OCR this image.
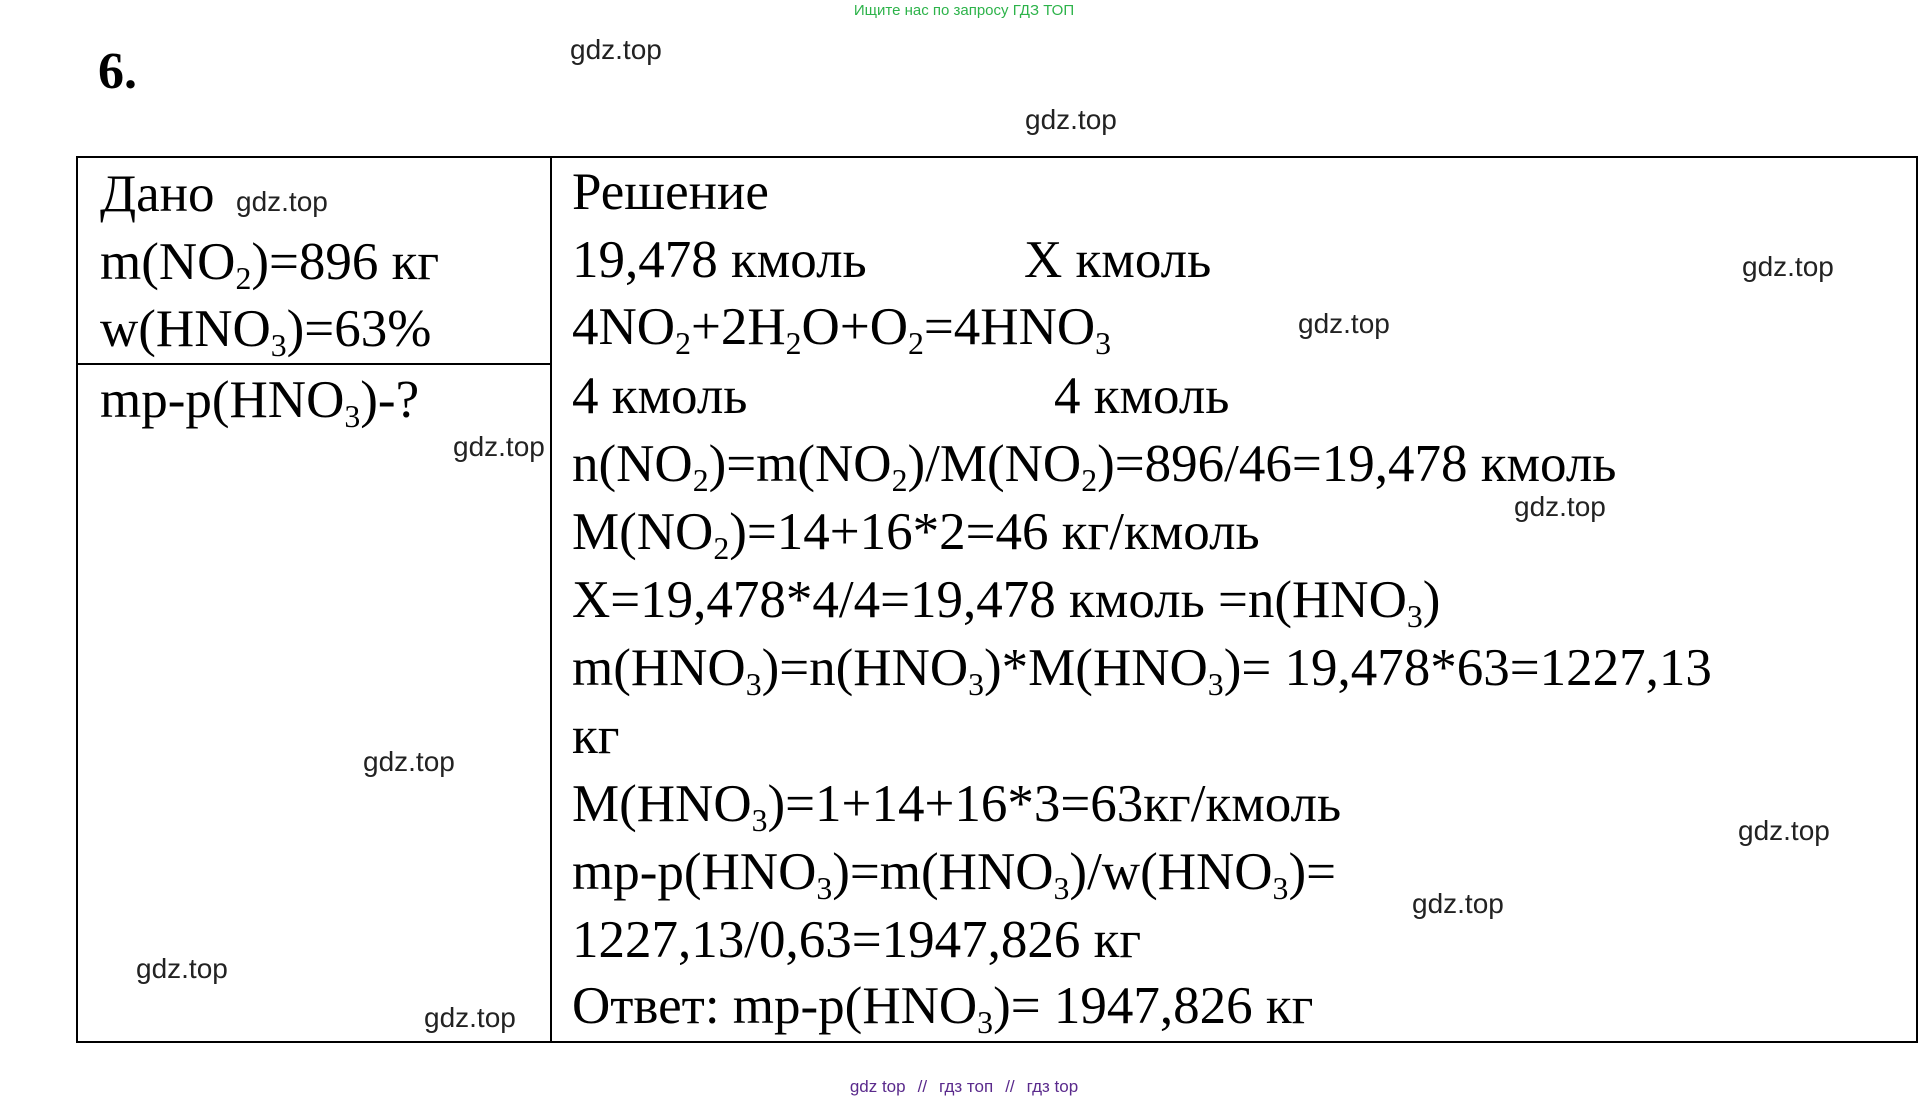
Ищите нас по запросу ГДЗ ТОП
6.	gdz.top
gdz.top
Дано
$m(NO_2)=896$ кг
$w(HNO_3)=63\%$
$mр-р(HNO_3)-$?
Решение
19,478 кмоль	X кмоль
$4NO_2+2H_2O+O_2=4HNO_3$
4 кмоль	4 кмоль
$n(NO_2)=m(NO_2)/M(NO_2)=896/46=19,478$ кмоль
$M(NO_2)=14+16*2=46$ кг/кмоль
X=19,478*4/4=19,478 кмоль $=n(HNO_3)$
$m(HNO_3)=n(HNO_3)*M(HNO_3)= 19,478*63=1227,13$
кг
$M(HNO_3)=1+14+16*3=63кг$/кмоль
$mр-р(HNO_3)=m(HNO_3)/w(HNO_3)=$
1227,13/0,63=1947,826 кг
Ответ: $mр-р(HNO_3)= 1947,826$ кг
gdz.top
gdz.top
gdz.top
gdz.top
gdz.top
gdz.top
gdz.top
gdz.top
gdz.top
gdz.top
gdz top // гдз топ // гдз top
